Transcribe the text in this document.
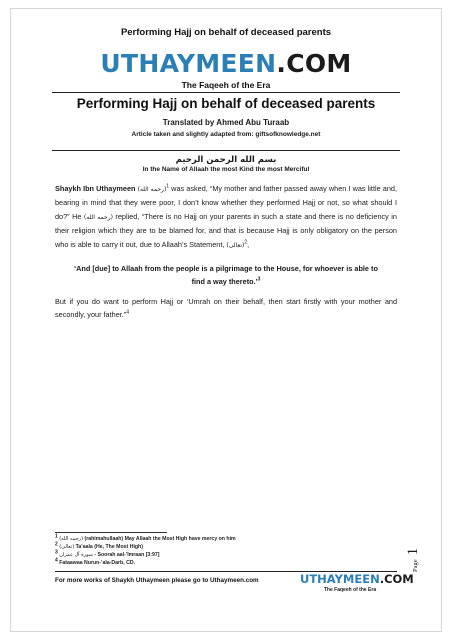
Performing Hajj on behalf of deceased parents
UTHAYMEEN.COM
The Faqeeh of the Era
Performing Hajj on behalf of deceased parents
Translated by Ahmed Abu Turaab
Article taken and slightly adapted from: giftsofknowledge.net
بسم الله الرحمن الرحيم
In the Name of Allaah the most Kind the most Merciful
Shaykh Ibn Uthaymeen (رحمه الله)$^1$ was asked, “My mother and father passed away when I was little and, bearing in mind that they were poor, I don’t know whether they performed Hajj or not, so what should I do?” He (رحمه الله) replied, “There is no Hajj on your parents in such a state and there is no deficiency in their religion which they are to be blamed for, and that is because Hajj is only obligatory on the person who is able to carry it out, due to Allaah’s Statement, (تعالى)$^2$,
‘And [due] to Allaah from the people is a pilgrimage to the House, for whoever is able to find a way thereto.’$^3$
But if you do want to perform Hajj or ‘Umrah on their behalf, then start firstly with your mother and secondly, your father.”$^4$
$^1$ (رحمه الله) (rahimahullaah) May Allaah the Most High have mercy on him
$^2$ (تعالى) Ta’aala (He, The Most High)
$^3$ سورة آل عمران - Soorah aal-’Imraan [3:97]
$^4$ Fataawaa Nurun-’ala-Darb, CD.
For more works of Shaykh Uthaymeen please go to Uthaymeen.com	UTHAYMEEN.COM
The Faqeeh of the Era
Page 1
